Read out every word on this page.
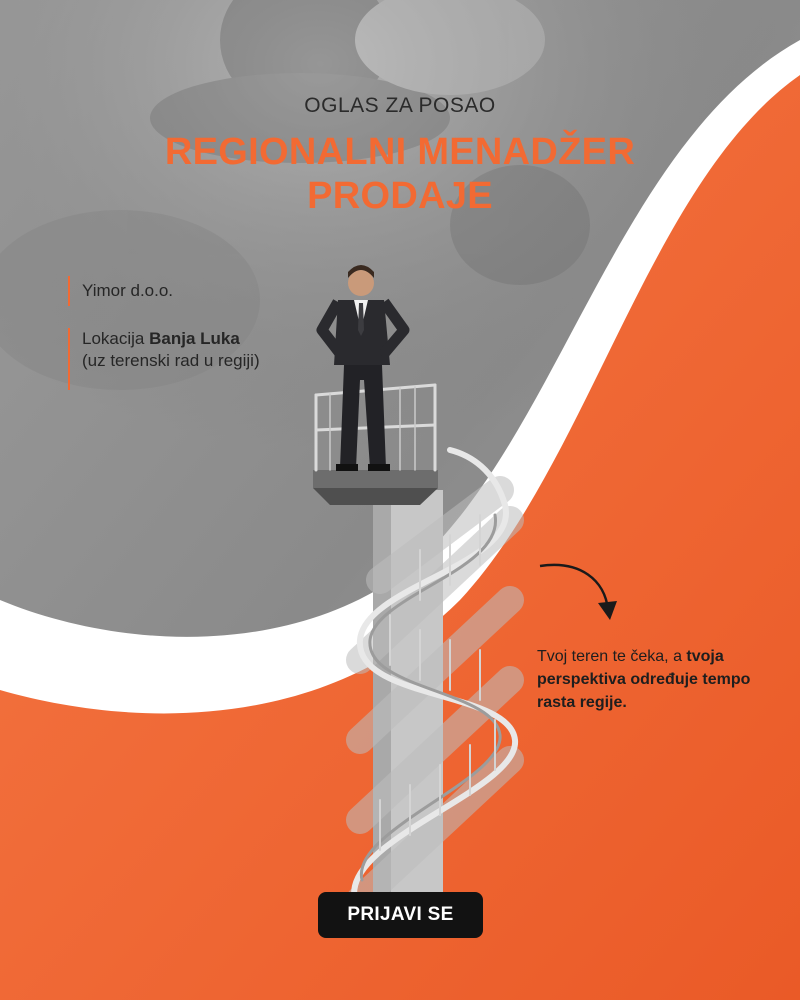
OGLAS ZA POSAO

REGIONALNI MENADŽER
PRODAJE
Yimor d.o.o.
Lokacija Banja Luka
(uz terenski rad u regiji)
Tvoj teren te čeka, a tvoja perspektiva određuje tempo rasta regije.
PRIJAVI SE
